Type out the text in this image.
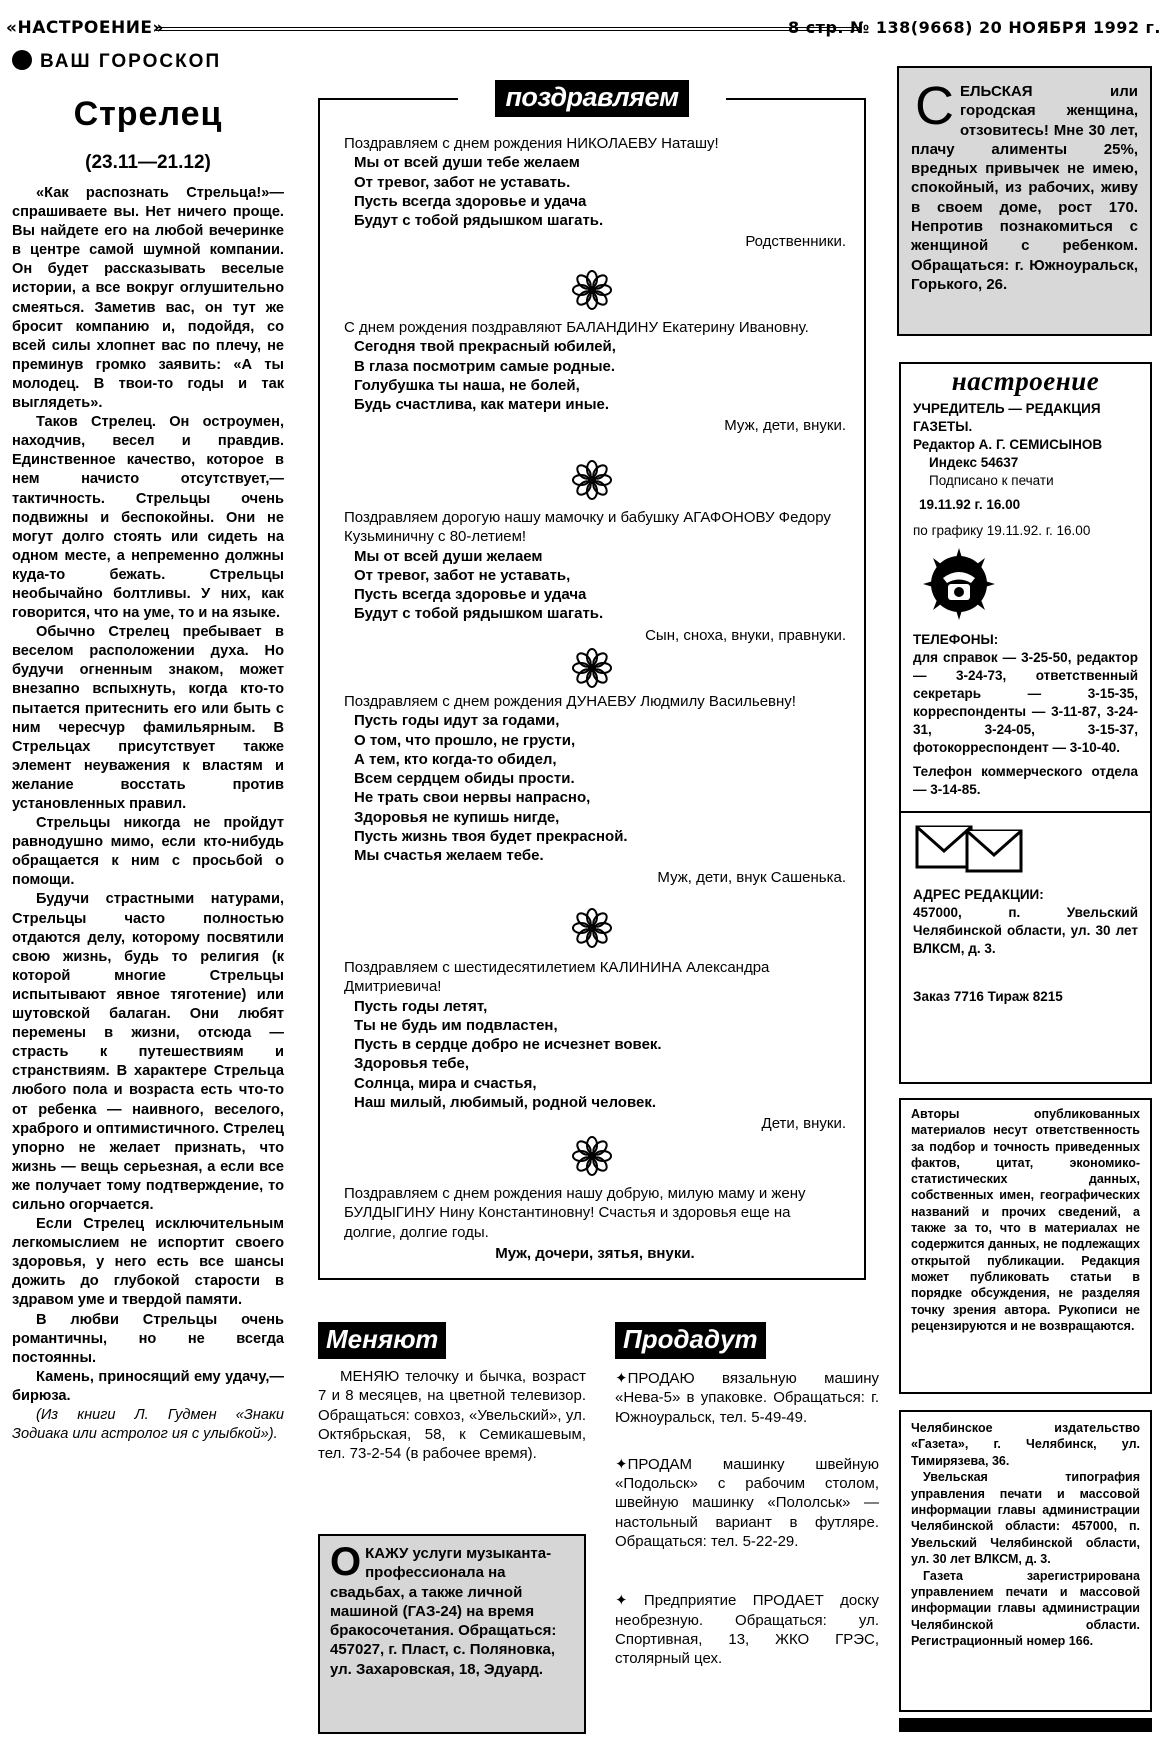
«НАСТРОЕНИЕ»	8 стр. № 138(9668) 20 НОЯБРЯ 1992 г.
ВАШ ГОРОСКОП
Стрелец
(23.11—21.12)

«Как распознать Стрельца!»— спрашиваете вы. Нет ничего проще. Вы найдете его на любой вечеринке в центре самой шумной компании. Он будет рассказывать веселые истории, а все вокруг оглушительно смеяться. Заметив вас, он тут же бросит компанию и, подойдя, со всей силы хлопнет вас по плечу, не преминув громко заявить: «А ты молодец. В твои-то годы и так выглядеть».

Таков Стрелец. Он остроумен, находчив, весел и правдив. Единственное качество, которое в нем начисто отсутствует,— тактичность. Стрельцы очень подвижны и беспокойны. Они не могут долго стоять или сидеть на одном месте, а непременно должны куда-то бежать. Стрельцы необычайно болтливы. У них, как говорится, что на уме, то и на языке.

Обычно Стрелец пребывает в веселом расположении духа. Но будучи огненным знаком, может внезапно вспыхнуть, когда кто-то пытается притеснить его или быть с ним чересчур фамильярным. В Стрельцах присутствует также элемент неуважения к властям и желание восстать против установленных правил.

Стрельцы никогда не пройдут равнодушно мимо, если кто-нибудь обращается к ним с просьбой о помощи.

Будучи страстными натурами, Стрельцы часто полностью отдаются делу, которому посвятили свою жизнь, будь то религия (к которой многие Стрельцы испытывают явное тяготение) или шутовской балаган. Они любят перемены в жизни, отсюда — страсть к путешествиям и странствиям. В характере Стрельца любого пола и возраста есть что-то от ребенка — наивного, веселого, храброго и оптимистичного. Стрелец упорно не желает признать, что жизнь — вещь серьезная, а если все же получает тому подтверждение, то сильно огорчается.

Если Стрелец исключительным легкомыслием не испортит своего здоровья, у него есть все шансы дожить до глубокой старости в здравом уме и твердой памяти.

В любви Стрельцы очень романтичны, но не всегда постоянны.

Камень, приносящий ему удачу,— бирюза.

(Из книги Л. Гудмен «Знаки Зодиака или астролог ия с улыбкой»).

поздравляем

Поздравляем с днем рождения НИКОЛАЕВУ Наташу!

Мы от всей души тебе желаем

От тревог, забот не уставать.

Пусть всегда здоровье и удача

Будут с тобой рядышком шагать.

Родственники.

С днем рождения поздравляют БАЛАНДИНУ Екатерину Ивановну.

Сегодня твой прекрасный юбилей,

В глаза посмотрим самые родные.

Голубушка ты наша, не болей,

Будь счастлива, как матери иные.

Муж, дети, внуки.

Поздравляем дорогую нашу мамочку и бабушку АГАФОНОВУ Федору Кузьминичну с 80-летием!

Мы от всей души желаем

От тревог, забот не уставать,

Пусть всегда здоровье и удача

Будут с тобой рядышком шагать.

Сын, сноха, внуки, правнуки.

Поздравляем с днем рождения ДУНАЕВУ Людмилу Васильевну!

Пусть годы идут за годами,

О том, что прошло, не грусти,

А тем, кто когда-то обидел,

Всем сердцем обиды прости.

Не трать свои нервы напрасно,

Здоровья не купишь нигде,

Пусть жизнь твоя будет прекрасной.

Мы счастья желаем тебе.

Муж, дети, внук Сашенька.

Поздравляем с шестидесятилетием КАЛИНИНА Александра Дмитриевича!

Пусть годы летят,

Ты не будь им подвластен,

Пусть в сердце добро не исчезнет вовек.

Здоровья тебе,

Солнца, мира и счастья,

Наш милый, любимый, родной человек.

Дети, внуки.

Поздравляем с днем рождения нашу добрую, милую маму и жену БУЛДЫГИНУ Нину Константиновну! Счастья и здоровья еще на долгие, долгие годы.

Муж, дочери, зятья, внуки.

Меняют

МЕНЯЮ телочку и бычка, возраст 7 и 8 месяцев, на цветной телевизор. Обращаться: совхоз, «Увельский», ул. Октябрьская, 58, к Семикашевым, тел. 73-2-54 (в рабочее время).

О КАЖУ услуги музыканта-профессионала на свадьбах, а также личной машиной (ГАЗ-24) на время бракосочетания. Обращаться: 457027, г. Пласт, с. Поляновка, ул. Захаровская, 18, Эдуард.
Продадут

✦ПРОДАЮ вязальную машину «Нева-5» в упаковке. Обращаться: г. Южноуральск, тел. 5-49-49.

✦ПРОДАМ машинку швейную «Подольск» с рабочим столом, швейную машинку «Пололськ» — настольный вариант в футляре. Обращаться: тел. 5-22-29.

✦ Предприятие ПРОДАЕТ доску необрезную. Обращаться: ул. Спортивная, 13, ЖКО ГРЭС, столярный цех.

С ЕЛЬСКАЯ или городская женщина, отзовитесь! Мне 30 лет, плачу алименты 25%, вредных привычек не имею, спокойный, из рабочих, живу в своем доме, рост 170. Непротив познакомиться с женщиной с ребенком. Обращаться: г. Южноуральск, Горького, 26.
настроение

УЧРЕДИТЕЛЬ — РЕДАКЦИЯ ГАЗЕТЫ.

Редактор А. Г. СЕМИСЫНОВ

Индекс 54637

Подписано к печати

19.11.92 г. 16.00

по графику 19.11.92. г. 16.00

ТЕЛЕФОНЫ:

для справок — 3-25-50, редактор — 3-24-73, ответственный секретарь — 3-15-35, корреспонденты — 3-11-87, 3-24-31, 3-24-05, 3-15-37, фотокорреспондент — 3-10-40.

Телефон коммерческого отдела — 3-14-85.

АДРЕС РЕДАКЦИИ:

457000, п. Увельский Челябинской области, ул. 30 лет ВЛКСМ, д. 3.

Заказ 7716 Тираж 8215

Авторы опубликованных материалов несут ответственность за подбор и точность приведенных фактов, цитат, экономико-статистических данных, собственных имен, географических названий и прочих сведений, а также за то, что в материалах не содержится данных, не подлежащих открытой публикации. Редакция может публиковать статьи в порядке обсуждения, не разделяя точку зрения автора. Рукописи не рецензируются и не возвращаются.

Челябинское издательство «Газета», г. Челябинск, ул. Тимирязева, 36.

Увельская типография управления печати и массовой информации главы администрации Челябинской области: 457000, п. Увельский Челябинской области, ул. 30 лет ВЛКСМ, д. 3.

Газета зарегистрирована управлением печати и массовой информации главы администрации Челябинской области. Регистрационный номер 166.
